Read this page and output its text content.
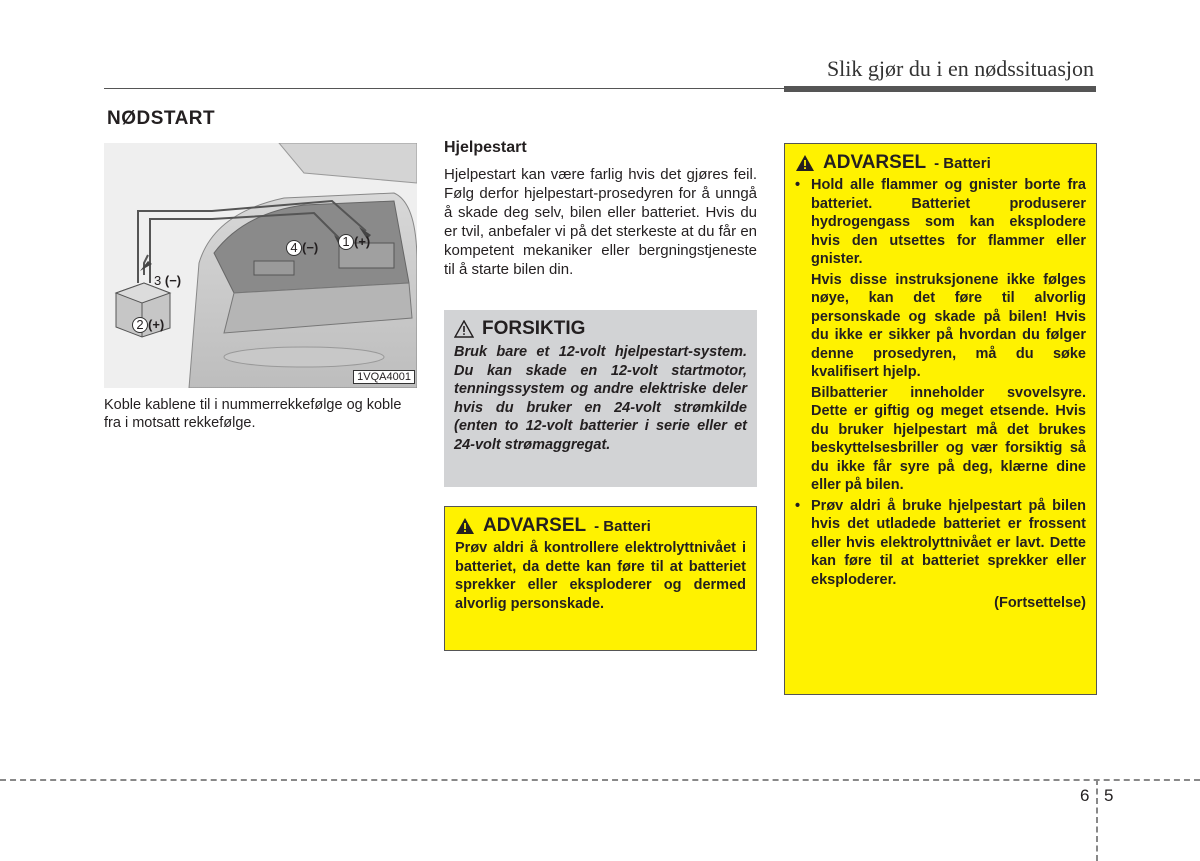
Slik gjør du i en nødssituasjon
NØDSTART
3 (−)
4 (−)	1 (+)
2 (+)
1VQA4001
Koble kablene til i nummerrekkefølge og koble fra i motsatt rekkefølge.
Hjelpestart
Hjelpestart kan være farlig hvis det gjøres feil. Følg derfor hjelpestart-prosedyren for å unngå å skade deg selv, bilen eller batteriet. Hvis du er tvil, anbefaler vi på det sterkeste at du får en kompetent mekaniker eller bergningstjeneste til å starte bilen din.
FORSIKTIG
Bruk bare et 12-volt hjelpestart-system. Du kan skade en 12-volt startmotor, tenningssystem og andre elektriske deler hvis du bruker en 24-volt strømkilde (enten to 12-volt batterier i serie eller et 24-volt strømaggregat.
ADVARSEL - Batteri
Prøv aldri å kontrollere elektrolyttnivået i batteriet, da dette kan føre til at batteriet sprekker eller eksploderer og dermed alvorlig personskade.
ADVARSEL - Batteri
• Hold alle flammer og gnister borte fra batteriet. Batteriet produserer hydrogengass som kan eksplodere hvis den utsettes for flammer eller gnister.

Hvis disse instruksjonene ikke følges nøye, kan det føre til alvorlig personskade og skade på bilen! Hvis du ikke er sikker på hvordan du følger denne prosedyren, må du søke kvalifisert hjelp.

Bilbatterier inneholder svovelsyre. Dette er giftig og meget etsende. Hvis du bruker hjelpestart må det brukes beskyttelsesbriller og vær forsiktig så du ikke får syre på deg, klærne dine eller på bilen.

• Prøv aldri å bruke hjelpestart på bilen hvis det utladede batteriet er frossent eller hvis elektrolyttnivået er lavt. Dette kan føre til at batteriet sprekker eller eksploderer.

(Fortsettelse)
6 5
